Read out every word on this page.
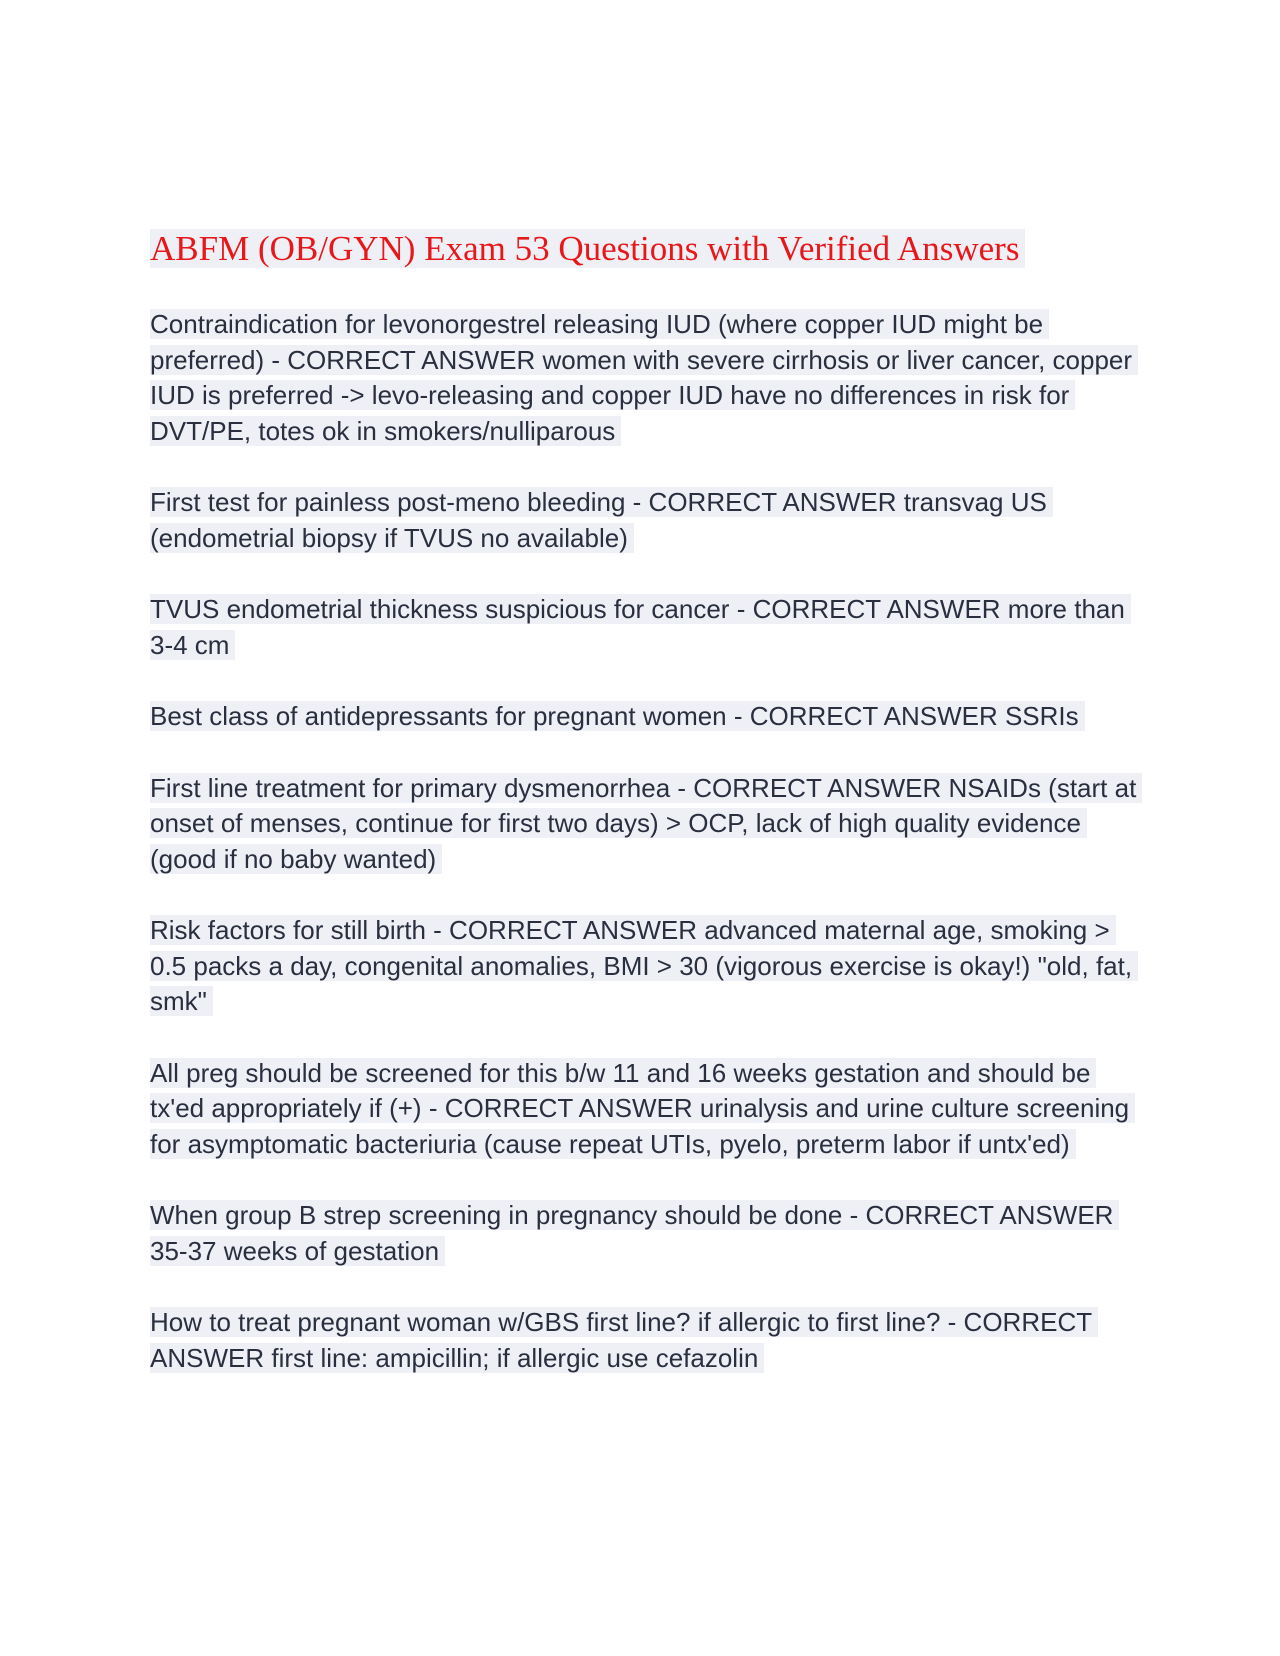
ABFM (OB/GYN) Exam 53 Questions with Verified Answers

Contraindication for levonorgestrel releasing IUD (where copper IUD might be preferred) - CORRECT ANSWER women with severe cirrhosis or liver cancer, copper IUD is preferred -> levo-releasing and copper IUD have no differences in risk for DVT/PE, totes ok in smokers/nulliparous

First test for painless post-meno bleeding - CORRECT ANSWER transvag US (endometrial biopsy if TVUS no available)

TVUS endometrial thickness suspicious for cancer - CORRECT ANSWER more than 3-4 cm

Best class of antidepressants for pregnant women - CORRECT ANSWER SSRIs

First line treatment for primary dysmenorrhea - CORRECT ANSWER NSAIDs (start at onset of menses, continue for first two days) > OCP, lack of high quality evidence (good if no baby wanted)

Risk factors for still birth - CORRECT ANSWER advanced maternal age, smoking > 0.5 packs a day, congenital anomalies, BMI > 30 (vigorous exercise is okay!) "old, fat, smk"

All preg should be screened for this b/w 11 and 16 weeks gestation and should be tx'ed appropriately if (+) - CORRECT ANSWER urinalysis and urine culture screening for asymptomatic bacteriuria (cause repeat UTIs, pyelo, preterm labor if untx'ed)

When group B strep screening in pregnancy should be done - CORRECT ANSWER 35-37 weeks of gestation

How to treat pregnant woman w/GBS first line? if allergic to first line? - CORRECT ANSWER first line: ampicillin; if allergic use cefazolin
